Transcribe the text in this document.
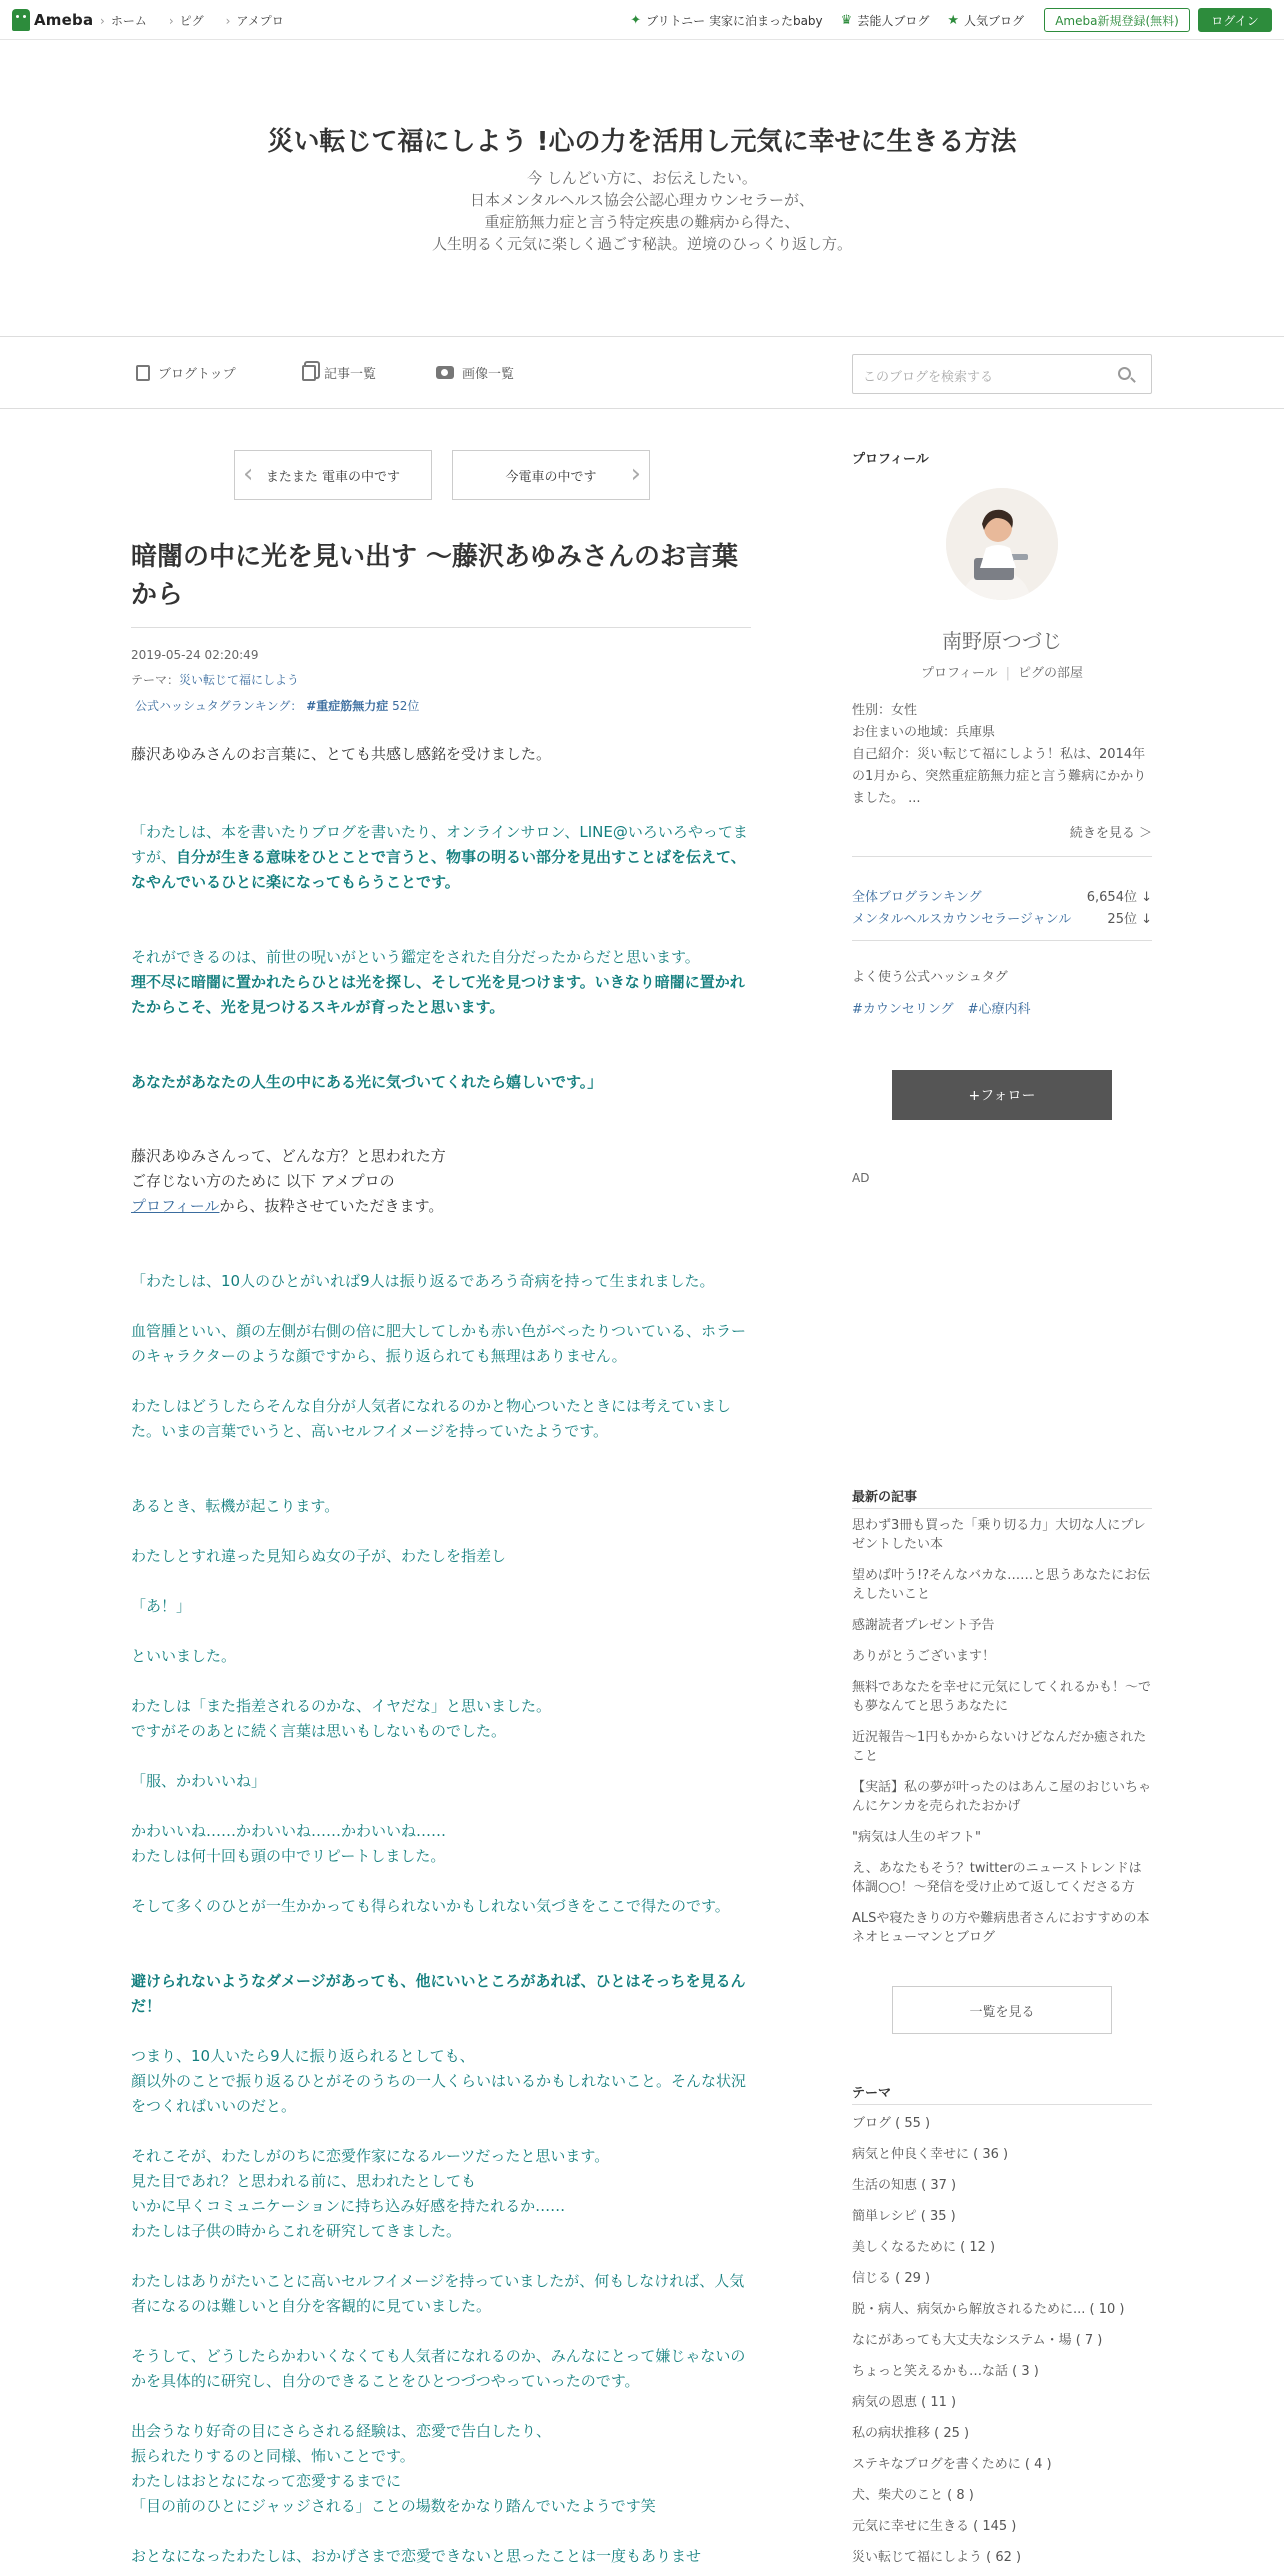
Ameba	› ホーム	› ピグ	› アメプロ	✦ ブリトニー 実家に泊まったbaby ♛ 芸能人ブログ ★ 人気ブログ	Ameba新規登録(無料)	ログイン
災い転じて福にしよう !心の力を活用し元気に幸せに生きる方法
今 しんどい方に、お伝えしたい。
日本メンタルヘルス協会公認心理カウンセラーが、
重症筋無力症と言う特定疾患の難病から得た、
人生明るく元気に楽しく過ごす秘訣。逆境のひっくり返し方。
ブログトップ	記事一覧	画像一覧	このブログを検索する
‹ またまた 電車の中です	今電車の中です ›
暗闇の中に光を見い出す 〜藤沢あゆみさんのお言葉から
2019-05-24 02:20:49
テーマ：災い転じて福にしよう
公式ハッシュタグランキング： #重症筋無力症 52位
藤沢あゆみさんのお言葉に、とても共感し感銘を受けました。
「わたしは、本を書いたりブログを書いたり、オンラインサロン、LINE@いろいろやってますが、自分が生きる意味をひとことで言うと、物事の明るい部分を見出すことばを伝えて、なやんでいるひとに楽になってもらうことです。
それができるのは、前世の呪いがという鑑定をされた自分だったからだと思います。
理不尽に暗闇に置かれたらひとは光を探し、そして光を見つけます。いきなり暗闇に置かれたからこそ、光を見つけるスキルが育ったと思います。
あなたがあなたの人生の中にある光に気づいてくれたら嬉しいです。」
藤沢あゆみさんって、どんな方？と思われた方
ご存じない方のために 以下 アメプロの
プロフィールから、抜粋させていただきます。
「わたしは、10人のひとがいれば9人は振り返るであろう奇病を持って生まれました。
血管腫といい、顔の左側が右側の倍に肥大してしかも赤い色がべったりついている、ホラーのキャラクターのような顔ですから、振り返られても無理はありません。
わたしはどうしたらそんな自分が人気者になれるのかと物心ついたときには考えていました。いまの言葉でいうと、高いセルフイメージを持っていたようです。
あるとき、転機が起こります。
わたしとすれ違った見知らぬ女の子が、わたしを指差し
「あ！」
といいました。
わたしは「また指差されるのかな、イヤだな」と思いました。
ですがそのあとに続く言葉は思いもしないものでした。
「服、かわいいね」
かわいいね……かわいいね……かわいいね……
わたしは何十回も頭の中でリピートしました。
そして多くのひとが一生かかっても得られないかもしれない気づきをここで得たのです。
避けられないようなダメージがあっても、他にいいところがあれば、ひとはそっちを見るんだ！
つまり、10人いたら9人に振り返られるとしても、
顔以外のことで振り返るひとがそのうちの一人くらいはいるかもしれないこと。そんな状況をつくればいいのだと。
それこそが、わたしがのちに恋愛作家になるルーツだったと思います。
見た目であれ？と思われる前に、思われたとしても
いかに早くコミュニケーションに持ち込み好感を持たれるか……
わたしは子供の時からこれを研究してきました。
わたしはありがたいことに高いセルフイメージを持っていましたが、何もしなければ、人気者になるのは難しいと自分を客観的に見ていました。
そうして、どうしたらかわいくなくても人気者になれるのか、みんなにとって嫌じゃないのかを具体的に研究し、自分のできることをひとつづつやっていったのです。
出会うなり好奇の目にさらされる経験は、恋愛で告白したり、
振られたりするのと同様、怖いことです。
わたしはおとなになって恋愛するまでに
「目の前のひとにジャッジされる」ことの場数をかなり踏んでいたようです笑
おとなになったわたしは、おかげさまで恋愛できないと思ったことは一度もありませ
プロフィール
南野原つづじ
プロフィール | ピグの部屋
性別：女性
お住まいの地域：兵庫県
自己紹介：災い転じて福にしよう！私は、2014年の1月から、突然重症筋無力症と言う難病にかかりました。 ...
続きを見る ＞
全体ブログランキング	6,654位 ↓
メンタルヘルスカウンセラージャンル	25位 ↓
よく使う公式ハッシュタグ
#カウンセリング #心療内科
+フォロー
AD
最新の記事
思わず3冊も買った「乗り切る力」大切な人にプレゼントしたい本
望めば叶う!?そんなバカな……と思うあなたにお伝えしたいこと
感謝読者プレゼント予告
ありがとうございます！
無料であなたを幸せに元気にしてくれるかも！〜でも夢なんてと思うあなたに
近況報告〜1円もかからないけどなんだか癒されたこと
【実話】私の夢が叶ったのはあんこ屋のおじいちゃんにケンカを売られたおかげ
"病気は人生のギフト"
え、あなたもそう？twitterのニューストレンドは体調○○！〜発信を受け止めて返してくださる方
ALSや寝たきりの方や難病患者さんにおすすめの本ネオヒューマンとブログ
一覧を見る
テーマ
ブログ ( 55 )
病気と仲良く幸せに ( 36 )
生活の知恵 ( 37 )
簡単レシピ ( 35 )
美しくなるために ( 12 )
信じる ( 29 )
脱・病人、病気から解放されるために... ( 10 )
なにがあっても大丈夫なシステム・場 ( 7 )
ちょっと笑えるかも…な話 ( 3 )
病気の恩恵 ( 11 )
私の病状推移 ( 25 )
ステキなブログを書くために ( 4 )
犬、柴犬のこと ( 8 )
元気に幸せに生きる ( 145 )
災い転じて福にしよう ( 62 )
